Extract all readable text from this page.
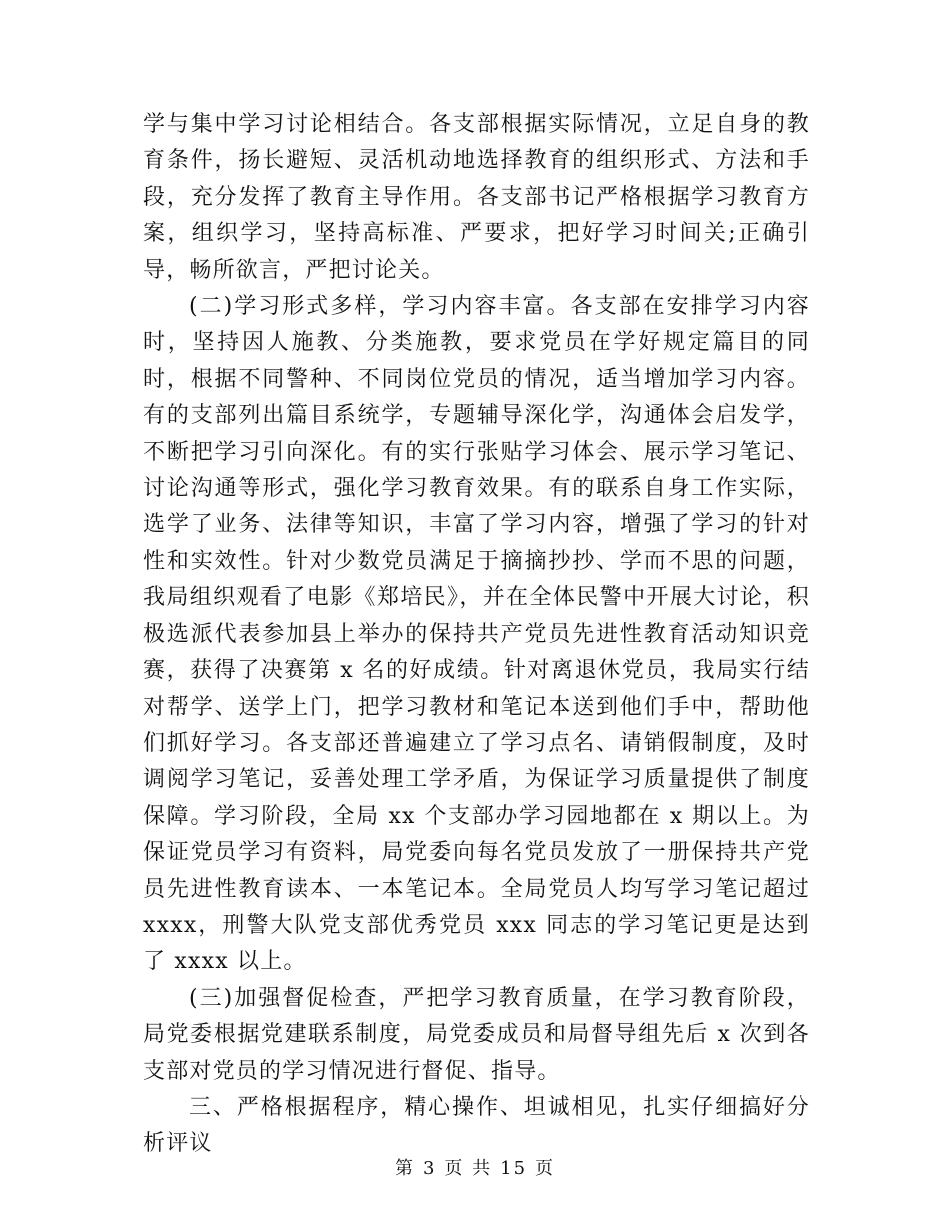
学与集中学习讨论相结合。各支部根据实际情况，立足自身的教育条件，扬长避短、灵活机动地选择教育的组织形式、方法和手段，充分发挥了教育主导作用。各支部书记严格根据学习教育方案，组织学习，坚持高标准、严要求，把好学习时间关;正确引导，畅所欲言，严把讨论关。

(二)学习形式多样，学习内容丰富。各支部在安排学习内容时，坚持因人施教、分类施教，要求党员在学好规定篇目的同时，根据不同警种、不同岗位党员的情况，适当增加学习内容。有的支部列出篇目系统学，专题辅导深化学，沟通体会启发学，不断把学习引向深化。有的实行张贴学习体会、展示学习笔记、讨论沟通等形式，强化学习教育效果。有的联系自身工作实际，选学了业务、法律等知识，丰富了学习内容，增强了学习的针对性和实效性。针对少数党员满足于摘摘抄抄、学而不思的问题，我局组织观看了电影《郑培民》，并在全体民警中开展大讨论，积极选派代表参加县上举办的保持共产党员先进性教育活动知识竞赛，获得了决赛第 x 名的好成绩。针对离退休党员，我局实行结对帮学、送学上门，把学习教材和笔记本送到他们手中，帮助他们抓好学习。各支部还普遍建立了学习点名、请销假制度，及时调阅学习笔记，妥善处理工学矛盾，为保证学习质量提供了制度保障。学习阶段，全局 xx 个支部办学习园地都在 x 期以上。为保证党员学习有资料，局党委向每名党员发放了一册保持共产党员先进性教育读本、一本笔记本。全局党员人均写学习笔记超过 xxxx，刑警大队党支部优秀党员 xxx 同志的学习笔记更是达到了 xxxx 以上。

(三)加强督促检查，严把学习教育质量，在学习教育阶段，局党委根据党建联系制度，局党委成员和局督导组先后 x 次到各支部对党员的学习情况进行督促、指导。

三、严格根据程序，精心操作、坦诚相见，扎实仔细搞好分析评议

第 3 页 共 15 页
